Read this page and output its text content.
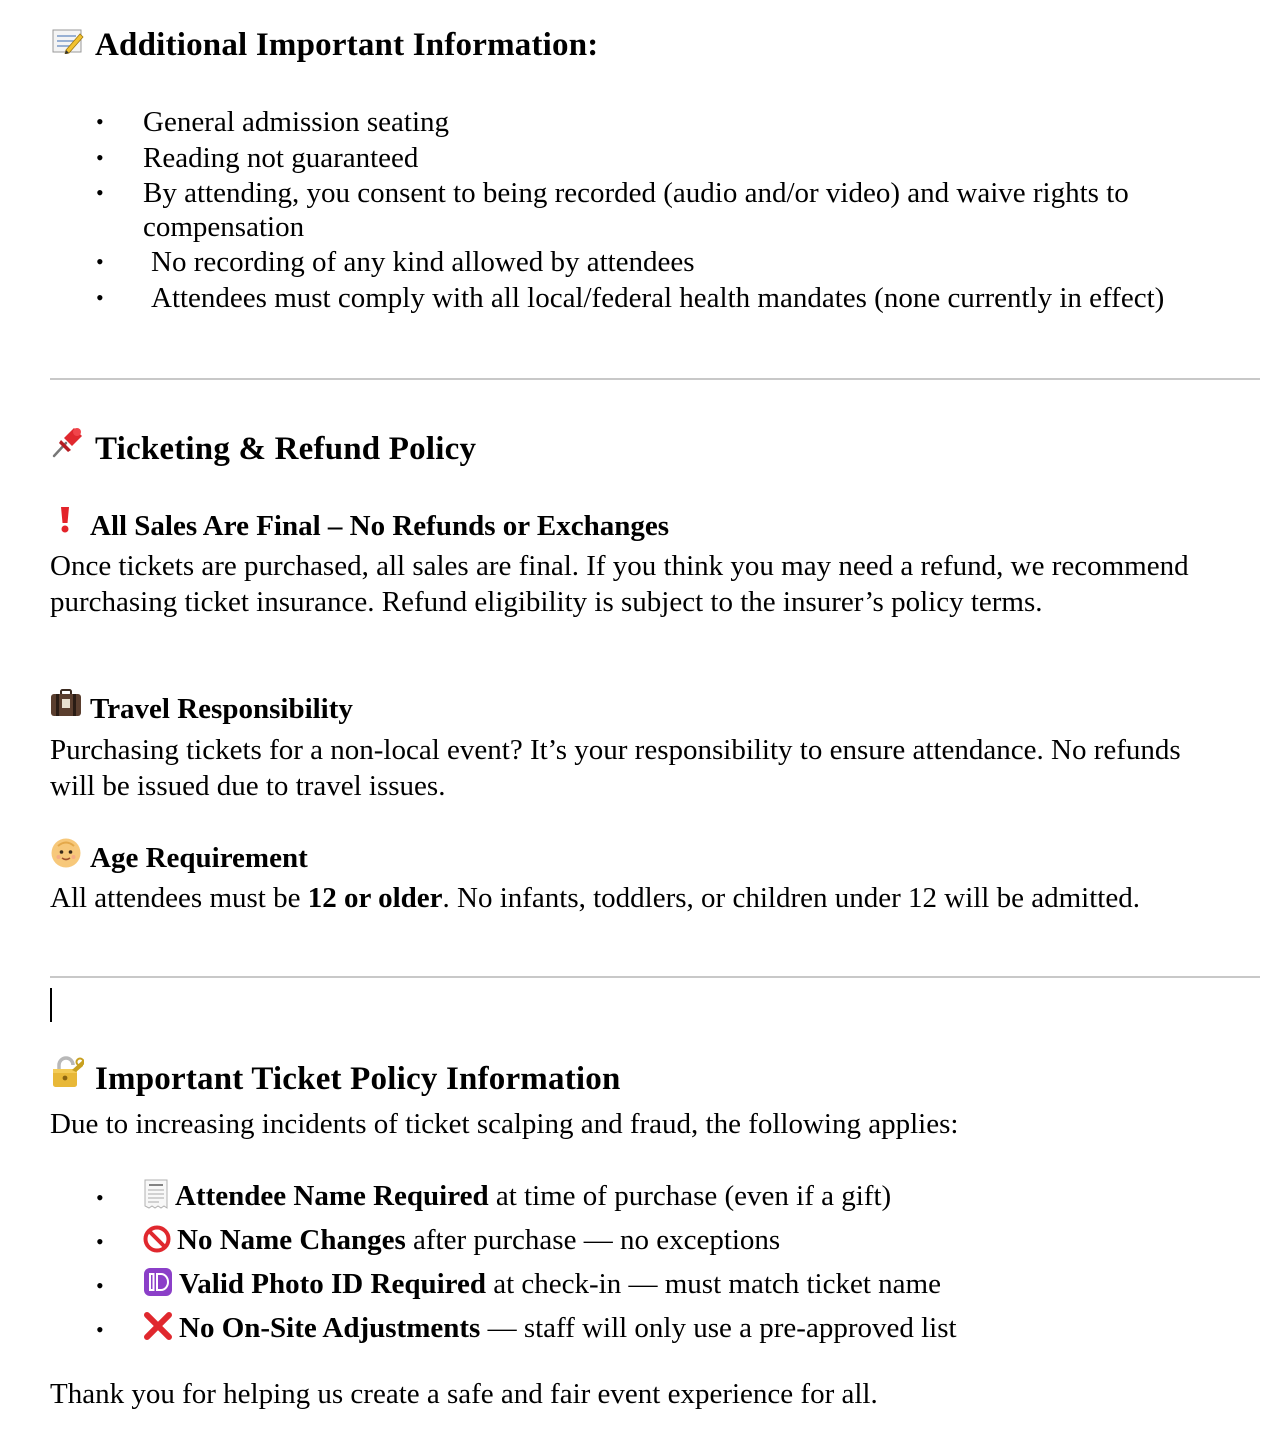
Additional Important Information:
• General admission seating
• Reading not guaranteed
• By attending, you consent to being recorded (audio and/or video) and waive rights to compensation
• No recording of any kind allowed by attendees
• Attendees must comply with all local/federal health mandates (none currently in effect)
Ticketing & Refund Policy
All Sales Are Final – No Refunds or Exchanges
Once tickets are purchased, all sales are final. If you think you may need a refund, we recommend purchasing ticket insurance. Refund eligibility is subject to the insurer’s policy terms.
Travel Responsibility
Purchasing tickets for a non-local event? It’s your responsibility to ensure attendance. No refunds will be issued due to travel issues.
Age Requirement
All attendees must be 12 or older. No infants, toddlers, or children under 12 will be admitted.
Important Ticket Policy Information
Due to increasing incidents of ticket scalping and fraud, the following applies:
• Attendee Name Required at time of purchase (even if a gift)
•	No Name Changes after purchase — no exceptions
•	Valid Photo ID Required at check-in — must match ticket name
•	No On-Site Adjustments — staff will only use a pre-approved list
Thank you for helping us create a safe and fair event experience for all.
